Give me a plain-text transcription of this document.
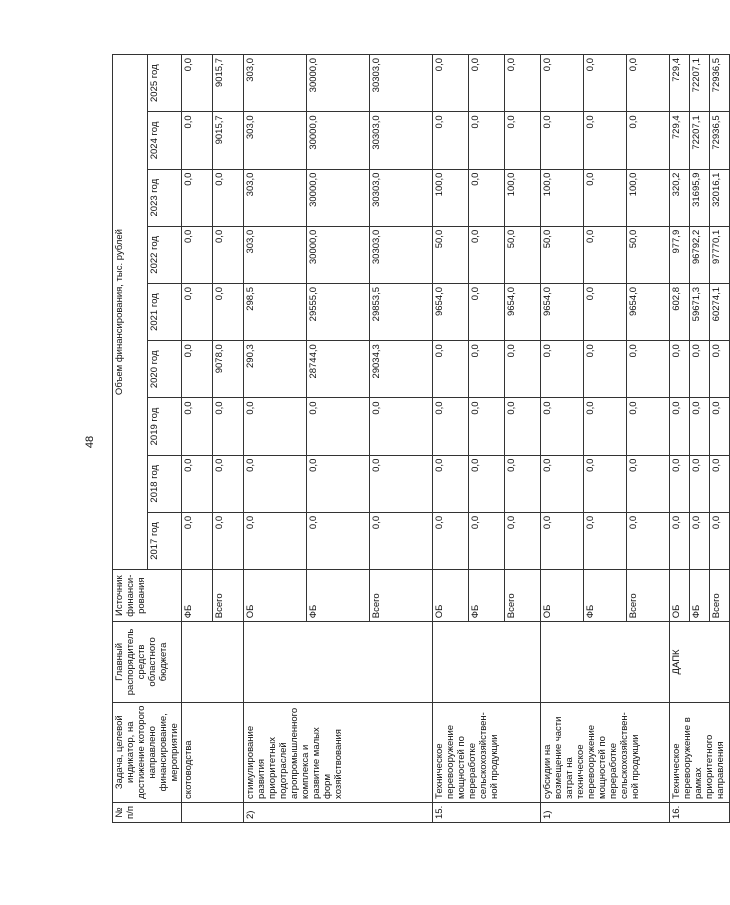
48
№ п/п	Задача, целевой индикатор, на достижение которого направлено финансирование, мероприятие	Главный распорядитель средств областного бюджета	Источник финанси-рования	Объем финансирования, тыс. рублей								
				2017 год	2018 год	2019 год	2020 год	2021 год	2022 год	2023 год	2024 год	2025 год
	скотоводства		ФБ	0,0	0,0	0,0	0,0	0,0	0,0	0,0	0,0	0,0
			Всего	0,0	0,0	0,0	9078,0	0,0	0,0	0,0	9015,7	9015,7
2)	стимулирование развития приоритетных подотраслей агропромышленного комплекса и развитие малых форм хозяйствования		ОБ	0,0	0,0	0,0	290,3	298,5	303,0	303,0	303,0	303,0
			ФБ	0,0	0,0	0,0	28744,0	29555,0	30000,0	30000,0	30000,0	30000,0
			Всего	0,0	0,0	0,0	29034,3	29853,5	30303,0	30303,0	30303,0	30303,0
15.	Техническое перевооружение мощностей по переработке сельскохозяйствен-ной продукции		ОБ	0,0	0,0	0,0	0,0	9654,0	50,0	100,0	0,0	0,0
			ФБ	0,0	0,0	0,0	0,0	0,0	0,0	0,0	0,0	0,0
			Всего	0,0	0,0	0,0	0,0	9654,0	50,0	100,0	0,0	0,0
1)	субсидии на возмещение части затрат на техническое перевооружение мощностей по переработке сельскохозяйствен-ной продукции		ОБ	0,0	0,0	0,0	0,0	9654,0	50,0	100,0	0,0	0,0
			ФБ	0,0	0,0	0,0	0,0	0,0	0,0	0,0	0,0	0,0
			Всего	0,0	0,0	0,0	0,0	9654,0	50,0	100,0	0,0	0,0
16.	Техническое перевооружение в рамках приоритетного направления	ДАПК	ОБ	0,0	0,0	0,0	0,0	602,8	977,9	320,2	729,4	729,4
			ФБ	0,0	0,0	0,0	0,0	59671,3	96792,2	31695,9	72207,1	72207,1
			Всего	0,0	0,0	0,0	0,0	60274,1	97770,1	32016,1	72936,5	72936,5
